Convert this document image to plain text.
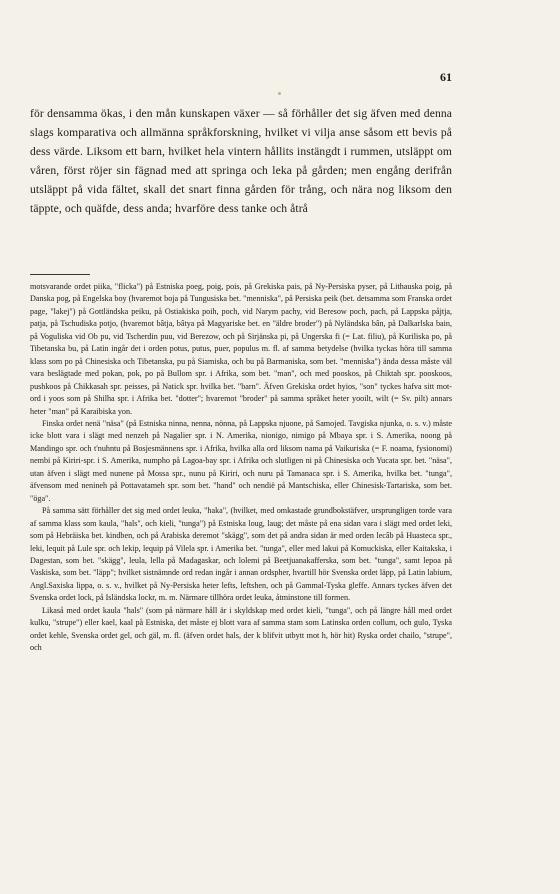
61

för densamma ökas, i den mån kunskapen växer — så förhåller det sig äfven med denna slags komparativa och allmänna språkforskning, hvilket vi vilja anse såsom ett bevis på dess värde. Liksom ett barn, hvilket hela vintern hållits instängdt i rummen, utsläppt om våren, först röjer sin fägnad med att springa och leka på gården; men engång derifrån utsläppt på vida fältet, skall det snart finna gården för trång, och nära nog liksom den täppte, och quäfde, dess anda; hvarföre dess tanke och åtrå

motsvarande ordet piika, "flicka") på Estniska poeg, poig, pois, på Grekiska pais, på Ny-Persiska pyser, på Lithauska poig, på Danska pog, på Engelska boy (hvaremot boja på Tungusiska bet. "menniska", på Persiska peik (bet. detsamma som Franska ordet page, "lakej") på Gottländska peiku, på Ostiakiska poih, poch, vid Narym pachy, vid Beresow poch, pach, på Lappska påjtja, patja, på Tschudiska potjo, (hvaremot bâtja, bâtya på Magyariske bet. en "äldre broder") på Nyländska bân, på Dalkarlska bain, på Voguliska vid Ob pu, vid Tscherdin puu, vid Berezow, och på Sirjänska pi, på Ungerska fi (= Lat. filiu), på Kuriliska po, på Tibetanska bu, på Latin ingår det i orden potus, putus, puer, populus m. fl. af samma betydelse (hvilka tyckas höra till samma klass som po på Chinesiska och Tibetanska, pu på Siamiska, och bu på Barmaniska, som bet. "menniska") ända dessa måste väl vara beslägtade med pokan, pok, po på Bullom spr. i Afrika, som bet. "man", och med pooskos, på Chiktah spr. pooskoos, pushkoos på Chikkasah spr. peisses, på Natick spr. hvilka bet. "barn". Äfven Grekiska ordet hyios, "son" tyckes hafva sitt mot-ord i yoos som på Shilha spr. i Afrika bet. "dotter"; hvaremot "broder" på samma språket heter yooilt, wilt (= Sv. pilt) annars heter "man" på Karaibiska yon.

Finska ordet nenä "näsa" (på Estniska ninna, nenna, nönna, på Lappska njuone, på Samojed. Tavgiska njunka, o. s. v.) måste icke blott vara i slägt med nenzeh på Nagalier spr. i N. Amerika, nionigo, nimigo på Mbaya spr. i S. Amerika, noong på Mandingo spr. och t'nuhntu på Bosjesmännens spr. i Afrika, hvilka alla ord liksom nama på Vaikuriska (= F. noama, fysionomi) nembi på Kiriri-spr. i S. Amerika, numpho på Lagoa-bay spr. i Afrika och slutligen ni på Chinesiska och Yucata spr. bet. "näsa", utan äfven i slägt med nunene på Mossa spr., nunu på Kiriri, och nuru på Tamanaca spr. i S. Amerika, hvilka bet. "tunga", äfvensom med nenineh på Pottavatameh spr. som bet. "hand" och nendië på Mantschiska, eller Chinesisk-Tartariska, som bet. "öga".

På samma sätt förhåller det sig med ordet leuka, "haka", (hvilket, med omkastade grundbokstäfver, ursprungligen torde vara af samma klass som kaula, "hals", och kieli, "tunga") på Estniska loug, laug; det måste på ena sidan vara i slägt med ordet leki, som på Hebräiska bet. kindben, och på Arabiska deremot "skägg", som det på andra sidan är med orden lecâb på Huasteca spr., leki, lequit på Lule spr. och lekip, lequip på Vilela spr. i Amerika bet. "tunga", eller med lakui på Komuckiska, eller Kaitakska, i Dagestan, som bet. "skägg", leula, lella på Madagaskar, och lolemi på Beetjuanakafferska, som bet. "tunga", samt lepoa på Vaskiska, som bet. "läpp"; hvilket sistnämnde ord redan ingår i annan ordspher, hvartill hör Svenska ordet läpp, på Latin labium, Angl.Saxiska lippa, o. s. v., hvilket på Ny-Persiska heter lefts, leftshen, och på Gammal-Tyska gleffe. Annars tyckes äfven det Svenska ordet lock, på Isländska lockr, m. m. Närmare tillhöra ordet leuka, åtminstone till formen.

Likaså med ordet kaula "hals" (som på närmare håll är i skyldskap med ordet kieli, "tunga", och på längre håll med ordet kulku, "strupe") eller kael, kaal på Estniska, det måste ej blott vara af samma stam som Latinska orden collum, och gulo, Tyska ordet kehle, Svenska ordet gel, och gäl, m. fl. (äfven ordet hals, der k blifvit utbytt mot h, hör hit) Ryska ordet chailo, "strupe", och
